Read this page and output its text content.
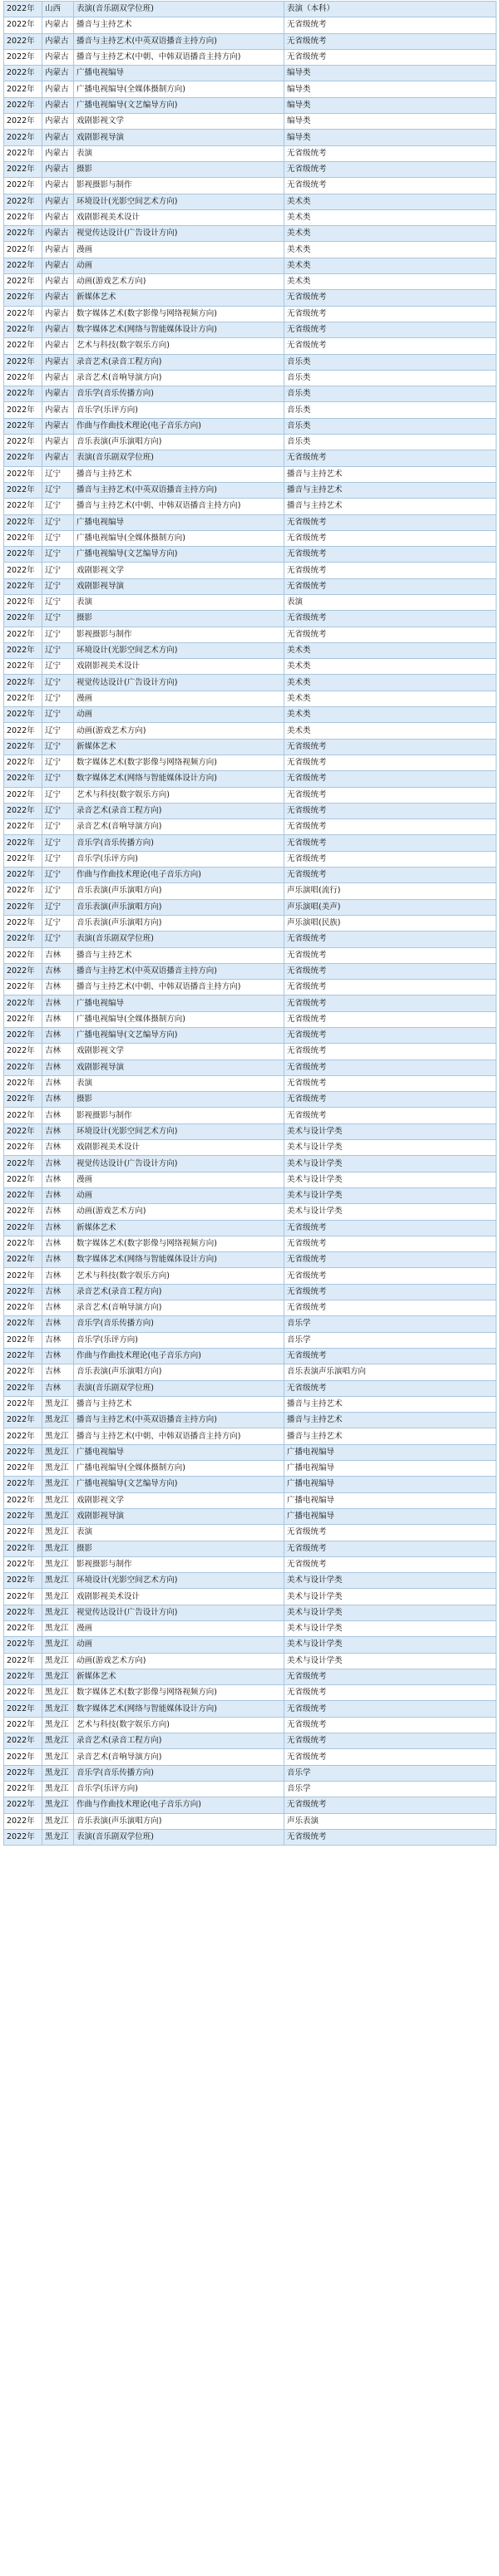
2022年	山西	表演(音乐剧双学位班)	表演（本科）
2022年	内蒙古	播音与主持艺术	无省级统考
2022年	内蒙古	播音与主持艺术(中英双语播音主持方向)	无省级统考
2022年	内蒙古	播音与主持艺术(中朝、中韩双语播音主持方向)	无省级统考
2022年	内蒙古	广播电视编导	编导类
2022年	内蒙古	广播电视编导(全媒体摄制方向)	编导类
2022年	内蒙古	广播电视编导(文艺编导方向)	编导类
2022年	内蒙古	戏剧影视文学	编导类
2022年	内蒙古	戏剧影视导演	编导类
2022年	内蒙古	表演	无省级统考
2022年	内蒙古	摄影	无省级统考
2022年	内蒙古	影视摄影与制作	无省级统考
2022年	内蒙古	环境设计(光影空间艺术方向)	美术类
2022年	内蒙古	戏剧影视美术设计	美术类
2022年	内蒙古	视觉传达设计(广告设计方向)	美术类
2022年	内蒙古	漫画	美术类
2022年	内蒙古	动画	美术类
2022年	内蒙古	动画(游戏艺术方向)	美术类
2022年	内蒙古	新媒体艺术	无省级统考
2022年	内蒙古	数字媒体艺术(数字影像与网络视频方向)	无省级统考
2022年	内蒙古	数字媒体艺术(网络与智能媒体设计方向)	无省级统考
2022年	内蒙古	艺术与科技(数字娱乐方向)	无省级统考
2022年	内蒙古	录音艺术(录音工程方向)	音乐类
2022年	内蒙古	录音艺术(音响导演方向)	音乐类
2022年	内蒙古	音乐学(音乐传播方向)	音乐类
2022年	内蒙古	音乐学(乐评方向)	音乐类
2022年	内蒙古	作曲与作曲技术理论(电子音乐方向)	音乐类
2022年	内蒙古	音乐表演(声乐演唱方向)	音乐类
2022年	内蒙古	表演(音乐剧双学位班)	无省级统考
2022年	辽宁	播音与主持艺术	播音与主持艺术
2022年	辽宁	播音与主持艺术(中英双语播音主持方向)	播音与主持艺术
2022年	辽宁	播音与主持艺术(中朝、中韩双语播音主持方向)	播音与主持艺术
2022年	辽宁	广播电视编导	无省级统考
2022年	辽宁	广播电视编导(全媒体摄制方向)	无省级统考
2022年	辽宁	广播电视编导(文艺编导方向)	无省级统考
2022年	辽宁	戏剧影视文学	无省级统考
2022年	辽宁	戏剧影视导演	无省级统考
2022年	辽宁	表演	表演
2022年	辽宁	摄影	无省级统考
2022年	辽宁	影视摄影与制作	无省级统考
2022年	辽宁	环境设计(光影空间艺术方向)	美术类
2022年	辽宁	戏剧影视美术设计	美术类
2022年	辽宁	视觉传达设计(广告设计方向)	美术类
2022年	辽宁	漫画	美术类
2022年	辽宁	动画	美术类
2022年	辽宁	动画(游戏艺术方向)	美术类
2022年	辽宁	新媒体艺术	无省级统考
2022年	辽宁	数字媒体艺术(数字影像与网络视频方向)	无省级统考
2022年	辽宁	数字媒体艺术(网络与智能媒体设计方向)	无省级统考
2022年	辽宁	艺术与科技(数字娱乐方向)	无省级统考
2022年	辽宁	录音艺术(录音工程方向)	无省级统考
2022年	辽宁	录音艺术(音响导演方向)	无省级统考
2022年	辽宁	音乐学(音乐传播方向)	无省级统考
2022年	辽宁	音乐学(乐评方向)	无省级统考
2022年	辽宁	作曲与作曲技术理论(电子音乐方向)	无省级统考
2022年	辽宁	音乐表演(声乐演唱方向)	声乐演唱(流行)
2022年	辽宁	音乐表演(声乐演唱方向)	声乐演唱(美声)
2022年	辽宁	音乐表演(声乐演唱方向)	声乐演唱(民族)
2022年	辽宁	表演(音乐剧双学位班)	无省级统考
2022年	吉林	播音与主持艺术	无省级统考
2022年	吉林	播音与主持艺术(中英双语播音主持方向)	无省级统考
2022年	吉林	播音与主持艺术(中朝、中韩双语播音主持方向)	无省级统考
2022年	吉林	广播电视编导	无省级统考
2022年	吉林	广播电视编导(全媒体摄制方向)	无省级统考
2022年	吉林	广播电视编导(文艺编导方向)	无省级统考
2022年	吉林	戏剧影视文学	无省级统考
2022年	吉林	戏剧影视导演	无省级统考
2022年	吉林	表演	无省级统考
2022年	吉林	摄影	无省级统考
2022年	吉林	影视摄影与制作	无省级统考
2022年	吉林	环境设计(光影空间艺术方向)	美术与设计学类
2022年	吉林	戏剧影视美术设计	美术与设计学类
2022年	吉林	视觉传达设计(广告设计方向)	美术与设计学类
2022年	吉林	漫画	美术与设计学类
2022年	吉林	动画	美术与设计学类
2022年	吉林	动画(游戏艺术方向)	美术与设计学类
2022年	吉林	新媒体艺术	无省级统考
2022年	吉林	数字媒体艺术(数字影像与网络视频方向)	无省级统考
2022年	吉林	数字媒体艺术(网络与智能媒体设计方向)	无省级统考
2022年	吉林	艺术与科技(数字娱乐方向)	无省级统考
2022年	吉林	录音艺术(录音工程方向)	无省级统考
2022年	吉林	录音艺术(音响导演方向)	无省级统考
2022年	吉林	音乐学(音乐传播方向)	音乐学
2022年	吉林	音乐学(乐评方向)	音乐学
2022年	吉林	作曲与作曲技术理论(电子音乐方向)	无省级统考
2022年	吉林	音乐表演(声乐演唱方向)	音乐表演声乐演唱方向
2022年	吉林	表演(音乐剧双学位班)	无省级统考
2022年	黑龙江	播音与主持艺术	播音与主持艺术
2022年	黑龙江	播音与主持艺术(中英双语播音主持方向)	播音与主持艺术
2022年	黑龙江	播音与主持艺术(中朝、中韩双语播音主持方向)	播音与主持艺术
2022年	黑龙江	广播电视编导	广播电视编导
2022年	黑龙江	广播电视编导(全媒体摄制方向)	广播电视编导
2022年	黑龙江	广播电视编导(文艺编导方向)	广播电视编导
2022年	黑龙江	戏剧影视文学	广播电视编导
2022年	黑龙江	戏剧影视导演	广播电视编导
2022年	黑龙江	表演	无省级统考
2022年	黑龙江	摄影	无省级统考
2022年	黑龙江	影视摄影与制作	无省级统考
2022年	黑龙江	环境设计(光影空间艺术方向)	美术与设计学类
2022年	黑龙江	戏剧影视美术设计	美术与设计学类
2022年	黑龙江	视觉传达设计(广告设计方向)	美术与设计学类
2022年	黑龙江	漫画	美术与设计学类
2022年	黑龙江	动画	美术与设计学类
2022年	黑龙江	动画(游戏艺术方向)	美术与设计学类
2022年	黑龙江	新媒体艺术	无省级统考
2022年	黑龙江	数字媒体艺术(数字影像与网络视频方向)	无省级统考
2022年	黑龙江	数字媒体艺术(网络与智能媒体设计方向)	无省级统考
2022年	黑龙江	艺术与科技(数字娱乐方向)	无省级统考
2022年	黑龙江	录音艺术(录音工程方向)	无省级统考
2022年	黑龙江	录音艺术(音响导演方向)	无省级统考
2022年	黑龙江	音乐学(音乐传播方向)	音乐学
2022年	黑龙江	音乐学(乐评方向)	音乐学
2022年	黑龙江	作曲与作曲技术理论(电子音乐方向)	无省级统考
2022年	黑龙江	音乐表演(声乐演唱方向)	声乐表演
2022年	黑龙江	表演(音乐剧双学位班)	无省级统考
